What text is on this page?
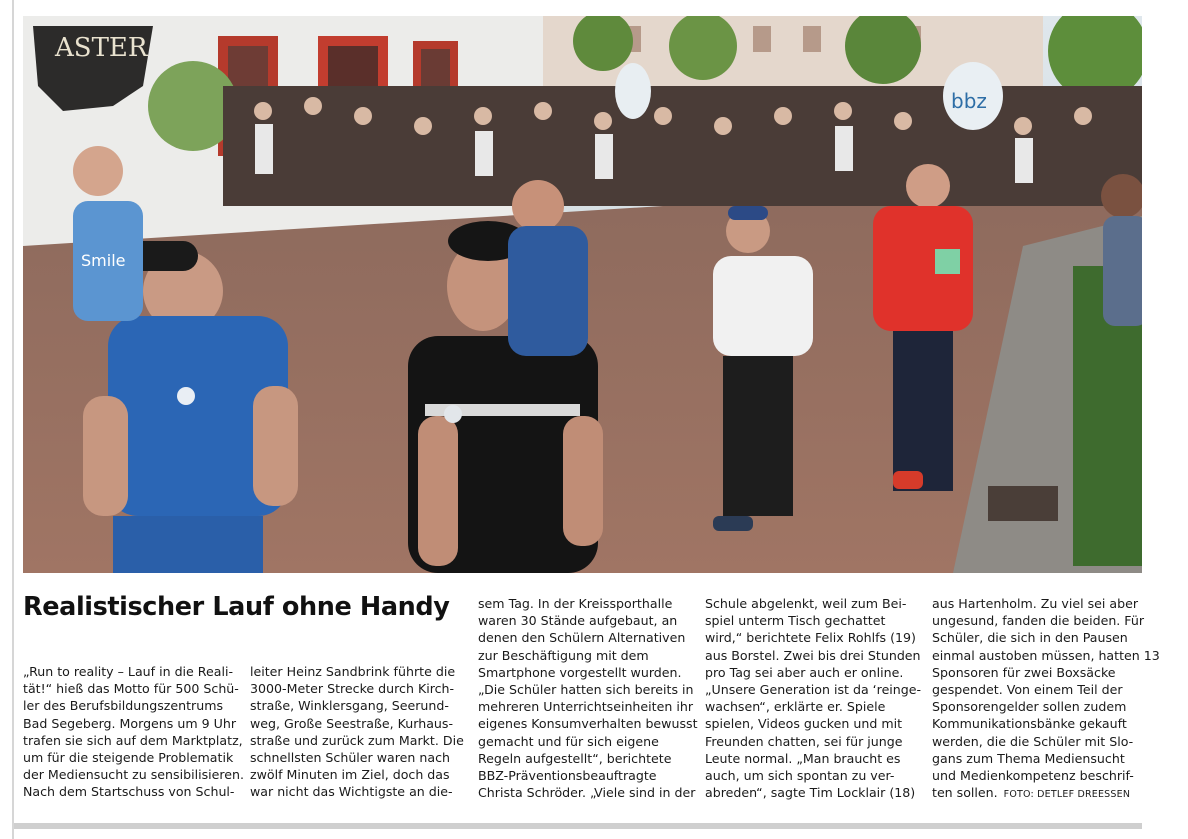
ASTER
bbz
Smile
Realistischer Lauf ohne Handy
„Run to reality – Lauf in die Reali-
tät!“ hieß das Motto für 500 Schü-
ler des Berufsbildungszentrums
Bad Segeberg. Morgens um 9 Uhr
trafen sie sich auf dem Marktplatz,
um für die steigende Problematik
der Mediensucht zu sensibilisieren.
Nach dem Startschuss von Schul-
leiter Heinz Sandbrink führte die
3000-Meter Strecke durch Kirch-
straße, Winklersgang, Seerund-
weg, Große Seestraße, Kurhaus-
straße und zurück zum Markt. Die
schnellsten Schüler waren nach
zwölf Minuten im Ziel, doch das
war nicht das Wichtigste an die-
sem Tag. In der Kreissporthalle
waren 30 Stände aufgebaut, an
denen den Schülern Alternativen
zur Beschäftigung mit dem
Smartphone vorgestellt wurden.
„Die Schüler hatten sich bereits in
mehreren Unterrichtseinheiten ihr
eigenes Konsumverhalten bewusst
gemacht und für sich eigene
Regeln aufgestellt“, berichtete
BBZ-Präventionsbeauftragte
Christa Schröder. „Viele sind in der
Schule abgelenkt, weil zum Bei-
spiel unterm Tisch gechattet
wird,“ berichtete Felix Rohlfs (19)
aus Borstel. Zwei bis drei Stunden
pro Tag sei aber auch er online.
„Unsere Generation ist da ‘reinge-
wachsen“, erklärte er. Spiele
spielen, Videos gucken und mit
Freunden chatten, sei für junge
Leute normal. „Man braucht es
auch, um sich spontan zu ver-
abreden“, sagte Tim Locklair (18)
aus Hartenholm. Zu viel sei aber
ungesund, fanden die beiden. Für
Schüler, die sich in den Pausen
einmal austoben müssen, hatten 13
Sponsoren für zwei Boxsäcke
gespendet. Von einem Teil der
Sponsorengelder sollen zudem
Kommunikationsbänke gekauft
werden, die die Schüler mit Slo-
gans zum Thema Mediensucht
und Medienkompetenz beschrif-
ten sollen. FOTO: DETLEF DREESSEN
